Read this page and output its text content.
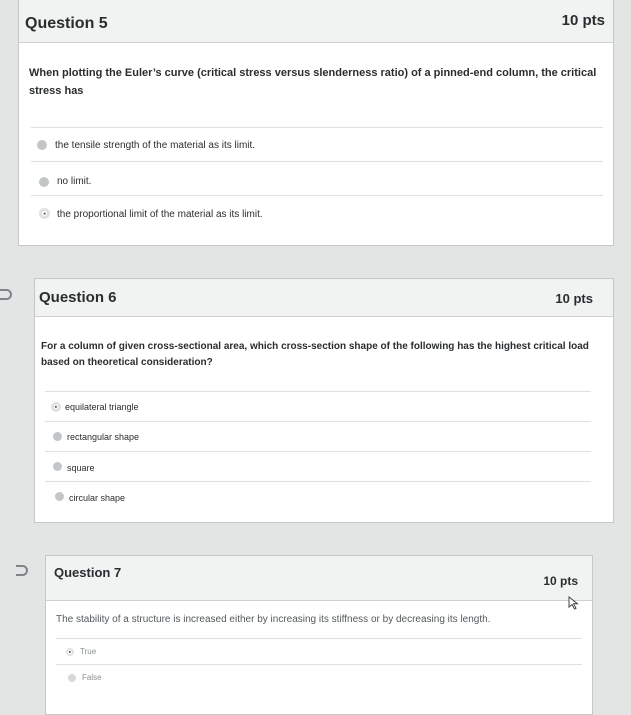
Question 5	10 pts
When plotting the Euler’s curve (critical stress versus slenderness ratio) of a pinned-end column, the critical stress has
the tensile strength of the material as its limit.
no limit.
the proportional limit of the material as its limit.
Question 6	10 pts
For a column of given cross-sectional area, which cross-section shape of the following has the highest critical load based on theoretical consideration?
equilateral triangle
rectangular shape
square
circular shape
Question 7
10 pts
The stability of a structure is increased either by increasing its stiffness or by decreasing its length.
True
False
